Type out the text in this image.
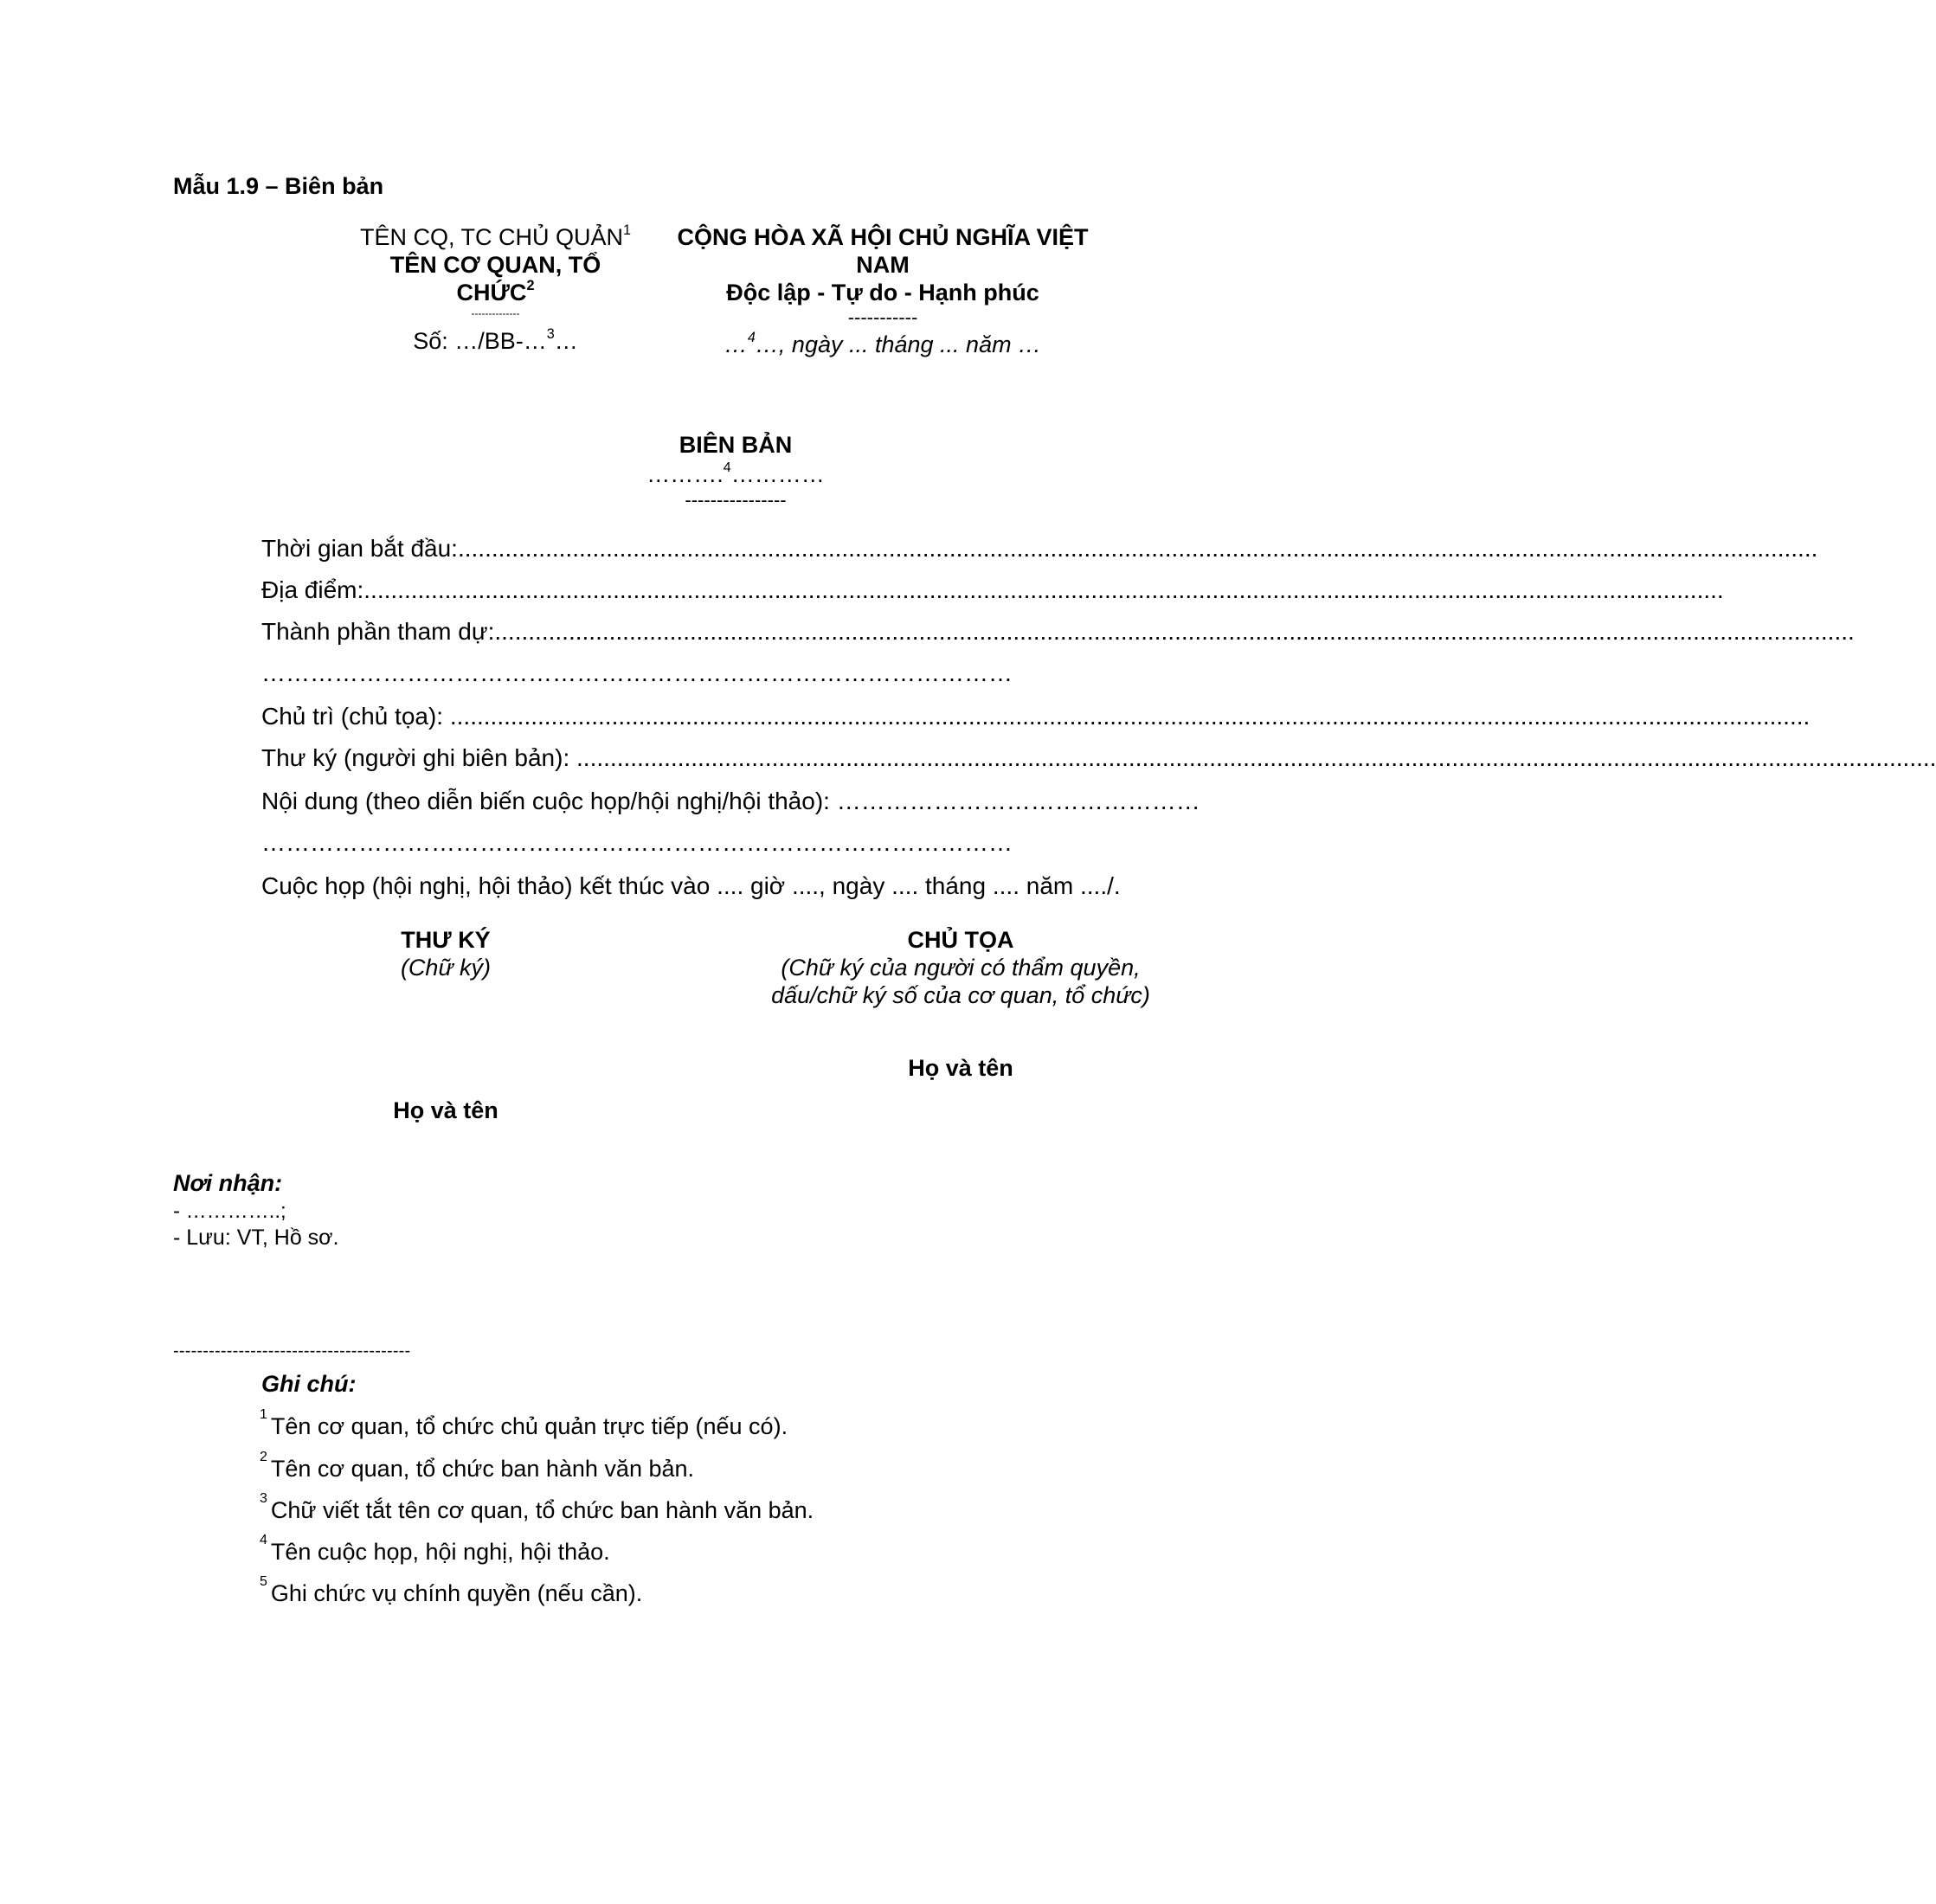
Mẫu 1.9 – Biên bản
TÊN CQ, TC CHỦ QUẢN$^1$
TÊN CƠ QUAN, TỔ
CHỨC$^2$
--------------
Số: …/BB-…$^3$…
CỘNG HÒA XÃ HỘI CHỦ NGHĨA VIỆT
NAM
Độc lập - Tự do - Hạnh phúc
-----------
…$^4$…, ngày ... tháng ... năm …
BIÊN BẢN
……….$^4$…………
----------------
Thời gian bắt đầu: ..........................................................................................................................................................................................................
Địa điểm: ..........................................................................................................................................................................................................
Thành phần tham dự: ..........................................................................................................................................................................................................
…………………………………………………………………………………
Chủ trì (chủ tọa): ..........................................................................................................................................................................................................
Thư ký (người ghi biên bản): ..........................................................................................................................................................................................................
Nội dung (theo diễn biến cuộc họp/hội nghị/hội thảo): ………………………………………
…………………………………………………………………………………
Cuộc họp (hội nghị, hội thảo) kết thúc vào .... giờ ...., ngày .... tháng .... năm ..../.
THƯ KÝ
(Chữ ký)
Họ và tên
CHỦ TỌA
(Chữ ký của người có thẩm quyền,
dấu/chữ ký số của cơ quan, tổ chức)
Họ và tên
Nơi nhận:
- …………..;
- Lưu: VT, Hồ sơ.
----------------------------------------
Ghi chú:
$^1$ Tên cơ quan, tổ chức chủ quản trực tiếp (nếu có).
$^2$ Tên cơ quan, tổ chức ban hành văn bản.
$^3$ Chữ viết tắt tên cơ quan, tổ chức ban hành văn bản.
$^4$ Tên cuộc họp, hội nghị, hội thảo.
$^5$ Ghi chức vụ chính quyền (nếu cần).
